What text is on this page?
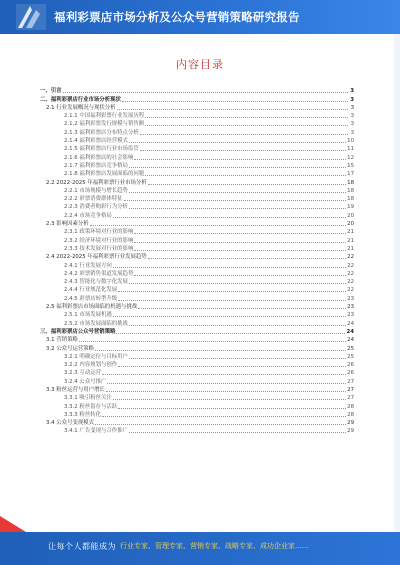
福利彩票店市场分析及公众号营销策略研究报告
内容目录
一、引言	3
二、福利彩票店行业市场分析现状	3
2.1 行业发展概况与现状分析	3
2.1.1 中国福利彩票行业发展历程	3
2.1.2 福利彩票发行规模与销售额	3
2.1.3 福利彩票店分布特点分析	3
2.1.4 福利彩票店经营模式	10
2.1.5 福利彩票店行业市场监管	11
2.1.6 福利彩票店的社会影响	12
2.1.7 福利彩票店竞争格局	15
2.1.8 福利彩票店发展面临的问题	17
2.2 2022-2025 年福利彩票行业市场分析	18
2.2.1 市场规模与增长趋势	18
2.2.2 彩票消费群体特征	18
2.2.3 消费者购彩行为分析	19
2.2.4 市场竞争格局	20
2.3 影响因素分析	20
2.3.1 政策环境对行业的影响	21
2.3.2 经济环境对行业的影响	21
2.3.3 技术发展对行业的影响	21
2.4 2022-2025 年福利彩票行业发展趋势	22
2.4.1 行业发展方向	22
2.4.2 彩票销售渠道发展趋势	22
2.4.3 智能化与数字化发展	22
2.4.4 行业规范化发展	22
2.4.5 彩票店转型升级	23
2.5 福利彩票店市场面临的机遇与挑战	23
2.5.1 市场发展机遇	23
2.5.2 市场发展面临的挑战	24
三、福利彩票店公众号营销策略	24
3.1 营销策略	24
3.2 公众号运营策略	25
3.2.1 明确定位与目标用户	25
3.2.2 内容规划与创作	26
3.2.3 互动运营	26
3.2.4 公众号推广	27
3.3 粉丝运营与用户增长	27
3.3.1 吸引粉丝关注	27
3.3.2 粉丝留存与活跃	28
3.3.3 粉丝转化	28
3.4 公众号变现模式	29
3.4.1 广告变现与合作推广	29
让每个人都能成为 行业专家、管理专家、营销专家、战略专家、成功企业家……
